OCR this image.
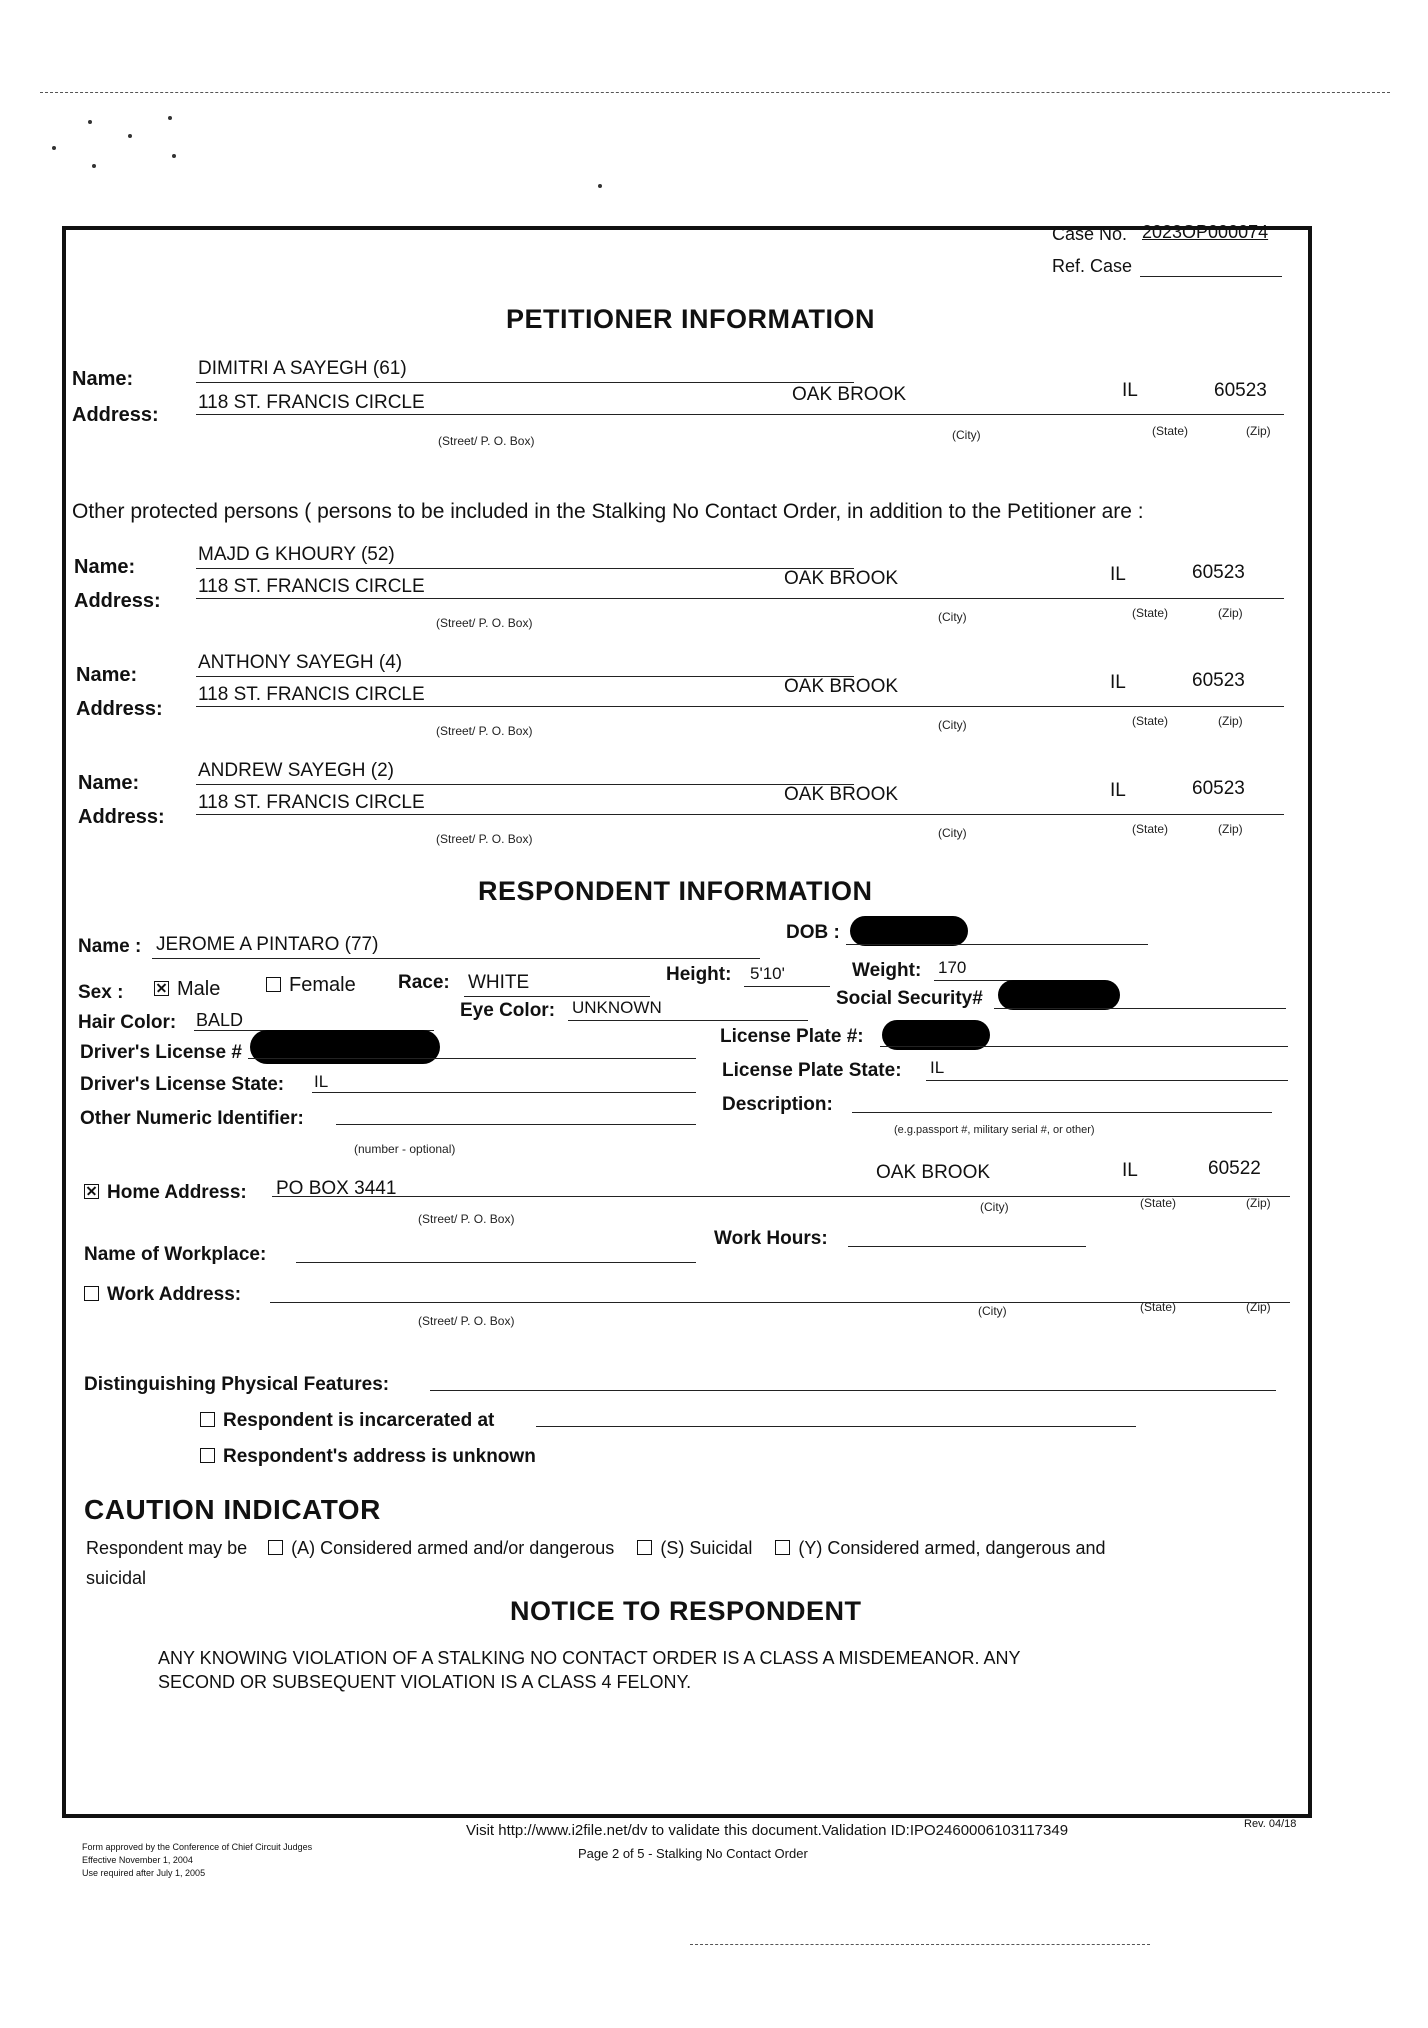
Case No. 2023OP000074
Ref. Case
PETITIONER INFORMATION
Name:	DIMITRI A SAYEGH (61)
Address:
118 ST. FRANCIS CIRCLE	OAK BROOK	IL	60523
(Street/ P. O. Box)	(City)	(State)	(Zip)
Other protected persons ( persons to be included in the Stalking No Contact Order, in addition to the Petitioner are :
Name:
MAJD G KHOURY (52)
Address:
118 ST. FRANCIS CIRCLE	OAK BROOK	IL	60523
(Street/ P. O. Box)	(City)	(State)	(Zip)
Name:
ANTHONY SAYEGH (4)
Address:
118 ST. FRANCIS CIRCLE	OAK BROOK	IL	60523
(Street/ P. O. Box)	(City)	(State)	(Zip)
Name:
ANDREW SAYEGH (2)
Address:
118 ST. FRANCIS CIRCLE	OAK BROOK	IL	60523
(Street/ P. O. Box)	(City)	(State)	(Zip)
RESPONDENT INFORMATION
Name : JEROME A PINTARO (77)
DOB :
Sex :	Male	Female Race: WHITE	Height: 5'10'	Weight: 170
Hair Color: BALD	Eye Color: UNKNOWN	Social Security#
Driver's License #
License Plate #:
Driver's License State: IL
License Plate State: IL
Other Numeric Identifier:
(number - optional)
Description:
(e.g.passport #, military serial #, or other)
Home Address: PO BOX 3441
OAK BROOK	IL	60522
(Street/ P. O. Box)
(City)	(State)	(Zip)
Name of Workplace:
Work Hours:
Work Address:
(Street/ P. O. Box)
(City)	(State)	(Zip)
Distinguishing Physical Features:
Respondent is incarcerated at
Respondent's address is unknown
CAUTION INDICATOR
Respondent may be (A) Considered armed and/or dangerous	(S) Suicidal	(Y) Considered armed, dangerous and
suicidal
NOTICE TO RESPONDENT
ANY KNOWING VIOLATION OF A STALKING NO CONTACT ORDER IS A CLASS A MISDEMEANOR. ANY
SECOND OR SUBSEQUENT VIOLATION IS A CLASS 4 FELONY.
Form approved by the Conference of Chief Circuit Judges
Effective November 1, 2004
Use required after July 1, 2005
Visit http://www.i2file.net/dv to validate this document.Validation ID:IPO2460006103117349
Page 2 of 5 - Stalking No Contact Order
Rev. 04/18
